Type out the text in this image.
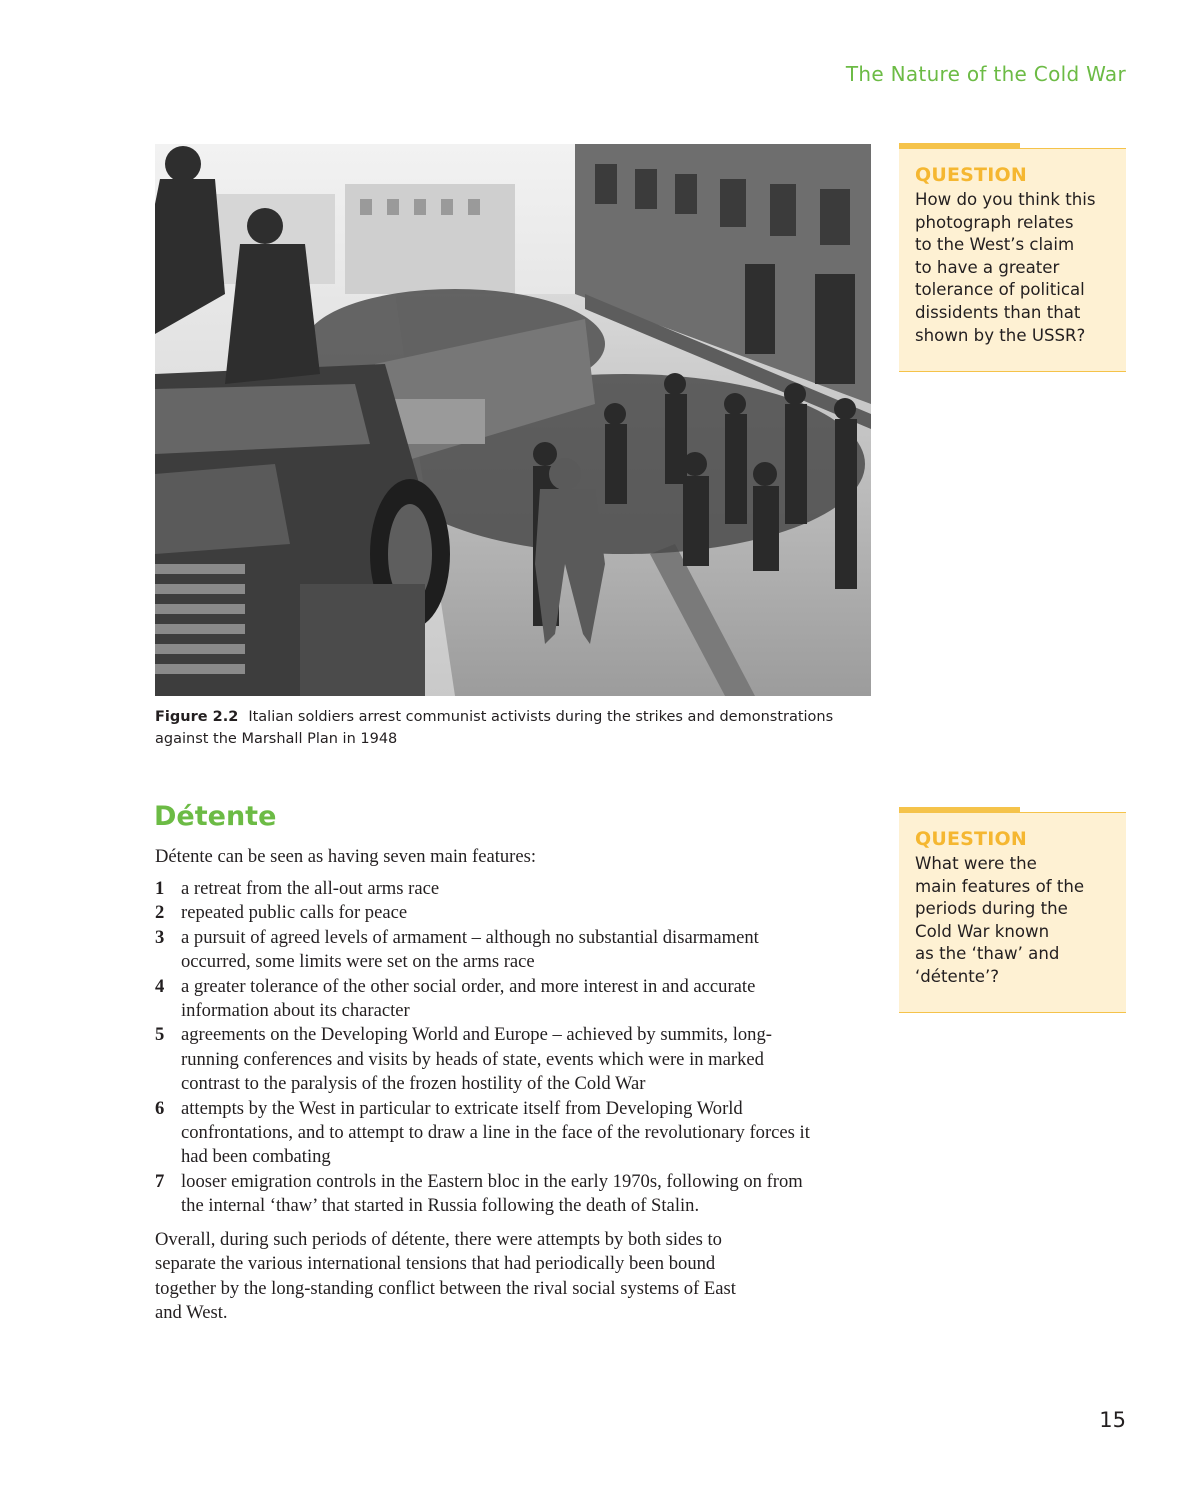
The Nature of the Cold War
Figure 2.2 Italian soldiers arrest communist activists during the strikes and demonstrations against the Marshall Plan in 1948
QUESTION
How do you think this
photograph relates
to the West’s claim
to have a greater
tolerance of political
dissidents than that
shown by the USSR?
Détente

Détente can be seen as having seven main features:

1 a retreat from the all-out arms race
2 repeated public calls for peace
3 a pursuit of agreed levels of armament – although no substantial disarmament
occurred, some limits were set on the arms race
4 a greater tolerance of the other social order, and more interest in and accurate
information about its character
5 agreements on the Developing World and Europe – achieved by summits, long-
running conferences and visits by heads of state, events which were in marked
contrast to the paralysis of the frozen hostility of the Cold War
6 attempts by the West in particular to extricate itself from Developing World
confrontations, and to attempt to draw a line in the face of the revolutionary forces it
had been combating
7 looser emigration controls in the Eastern bloc in the early 1970s, following on from
the internal ‘thaw’ that started in Russia following the death of Stalin.
Overall, during such periods of détente, there were attempts by both sides to
separate the various international tensions that had periodically been bound
together by the long-standing conflict between the rival social systems of East
and West.
QUESTION
What were the
main features of the
periods during the
Cold War known
as the ‘thaw’ and
‘détente’?
15
